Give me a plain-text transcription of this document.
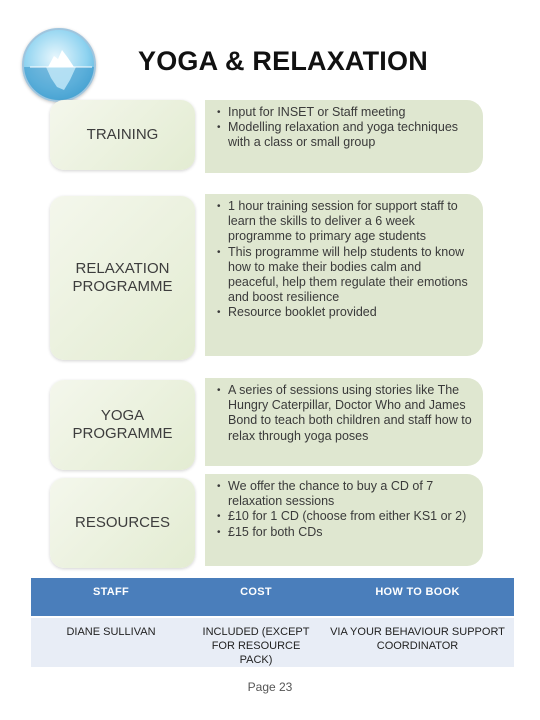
YOGA & RELAXATION
TRAINING
• Input for INSET or Staff meeting
• Modelling relaxation and yoga techniques with a class or small group
RELAXATION
PROGRAMME
• 1 hour training session for support staff to learn the skills to deliver a 6 week programme to primary age students
• This programme will help students to know how to make their bodies calm and peaceful, help them regulate their emotions and boost resilience
• Resource booklet provided
YOGA
PROGRAMME
• A series of sessions using stories like The Hungry Caterpillar, Doctor Who and James Bond to teach both children and staff how to relax through yoga poses
RESOURCES
• We offer the chance to buy a CD of 7 relaxation sessions
• £10 for 1 CD (choose from either KS1 or 2)
• £15 for both CDs
STAFF	COST	HOW TO BOOK
DIANE SULLIVAN	INCLUDED (EXCEPT FOR RESOURCE PACK)	VIA YOUR BEHAVIOUR SUPPORT COORDINATOR
Page 23
